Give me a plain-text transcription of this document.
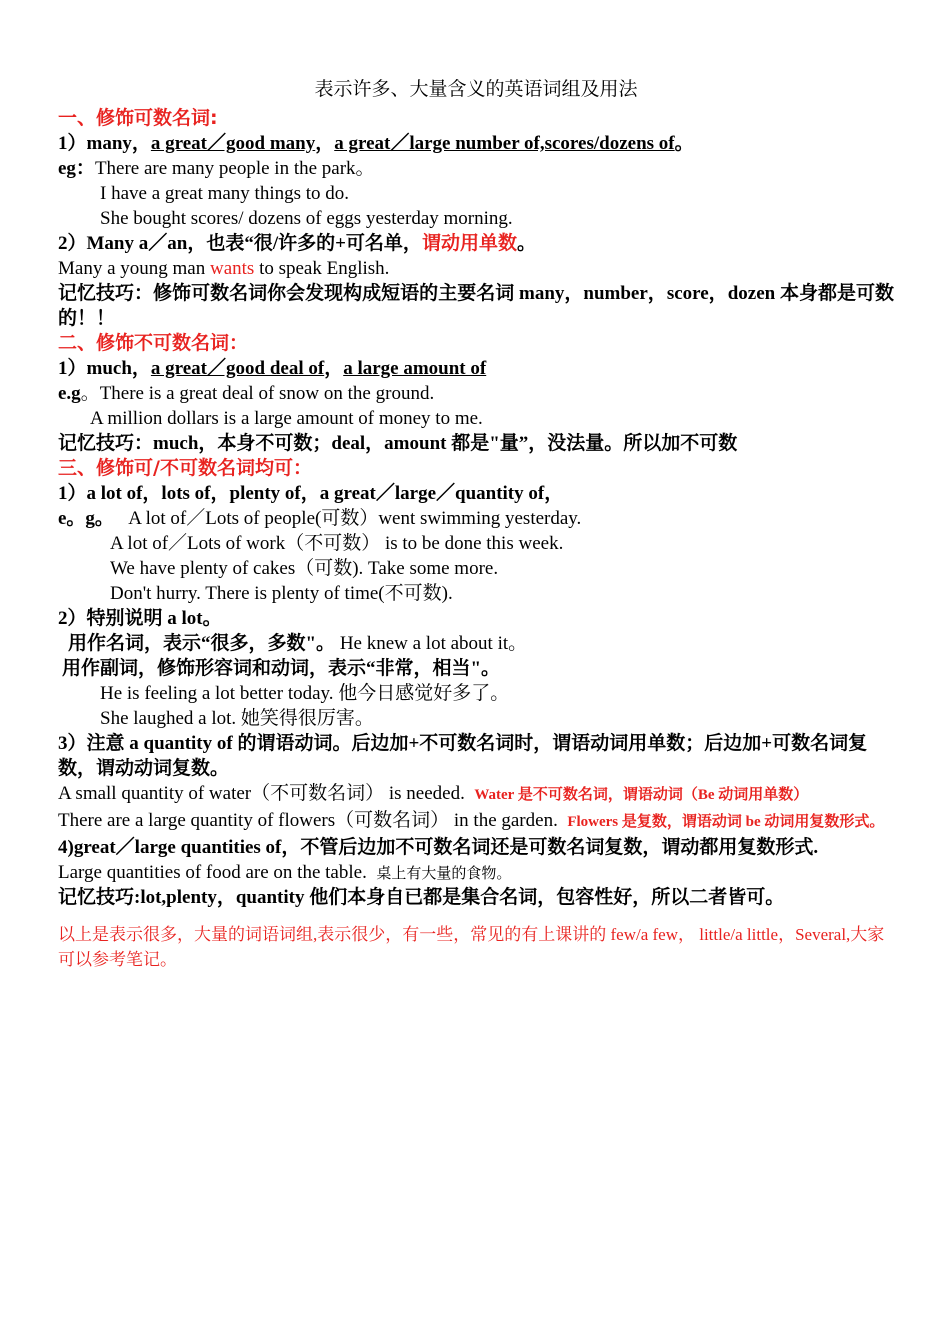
表示许多、大量含义的英语词组及用法
一、修饰可数名词:
1）many，a great／good many，a great／large number of,scores/dozens of。
eg：There are many people in the park。
I have a great many things to do.
She bought scores/ dozens of eggs yesterday morning.
2）Many a／an，也表“很/许多的+可名单，谓动用单数。
Many a young man wants to speak English.
记忆技巧：修饰可数名词你会发现构成短语的主要名词 many，number，score，dozen 本身都是可数的！！
二、修饰不可数名词：
1）much，a great／good deal of，a large amount of
e.g。There is a great deal of snow on the ground.
A million dollars is a large amount of money to me.
记忆技巧：much，本身不可数；deal，amount 都是"量”，没法量。所以加不可数
三、修饰可/不可数名词均可：
1）a lot of，lots of，plenty of，a great／large／quantity of，
e。g。 A lot of／Lots of people(可数）went swimming yesterday.
A lot of／Lots of work（不可数） is to be done this week.
We have plenty of cakes（可数). Take some more.
Don't hurry. There is plenty of time(不可数).
2）特别说明 a lot。
用作名词，表示“很多，多数"。 He knew a lot about it。
用作副词，修饰形容词和动词，表示“非常，相当"。
He is feeling a lot better today. 他今日感觉好多了。
She laughed a lot. 她笑得很厉害。
3）注意 a quantity of 的谓语动词。后边加+不可数名词时，谓语动词用单数；后边加+可数名词复数，谓动动词复数。
A small quantity of water（不可数名词） is needed. Water 是不可数名词，谓语动词（Be 动词用单数）
There are a large quantity of flowers（可数名词） in the garden. Flowers 是复数，谓语动词 be 动词用复数形式。
4)great／large quantities of，不管后边加不可数名词还是可数名词复数，谓动都用复数形式.
Large quantities of food are on the table. 桌上有大量的食物。
记忆技巧:lot,plenty，quantity 他们本身自已都是集合名词，包容性好，所以二者皆可。
以上是表示很多，大量的词语词组,表示很少，有一些，常见的有上课讲的 few/a few， little/a little，Several,大家可以参考笔记。
